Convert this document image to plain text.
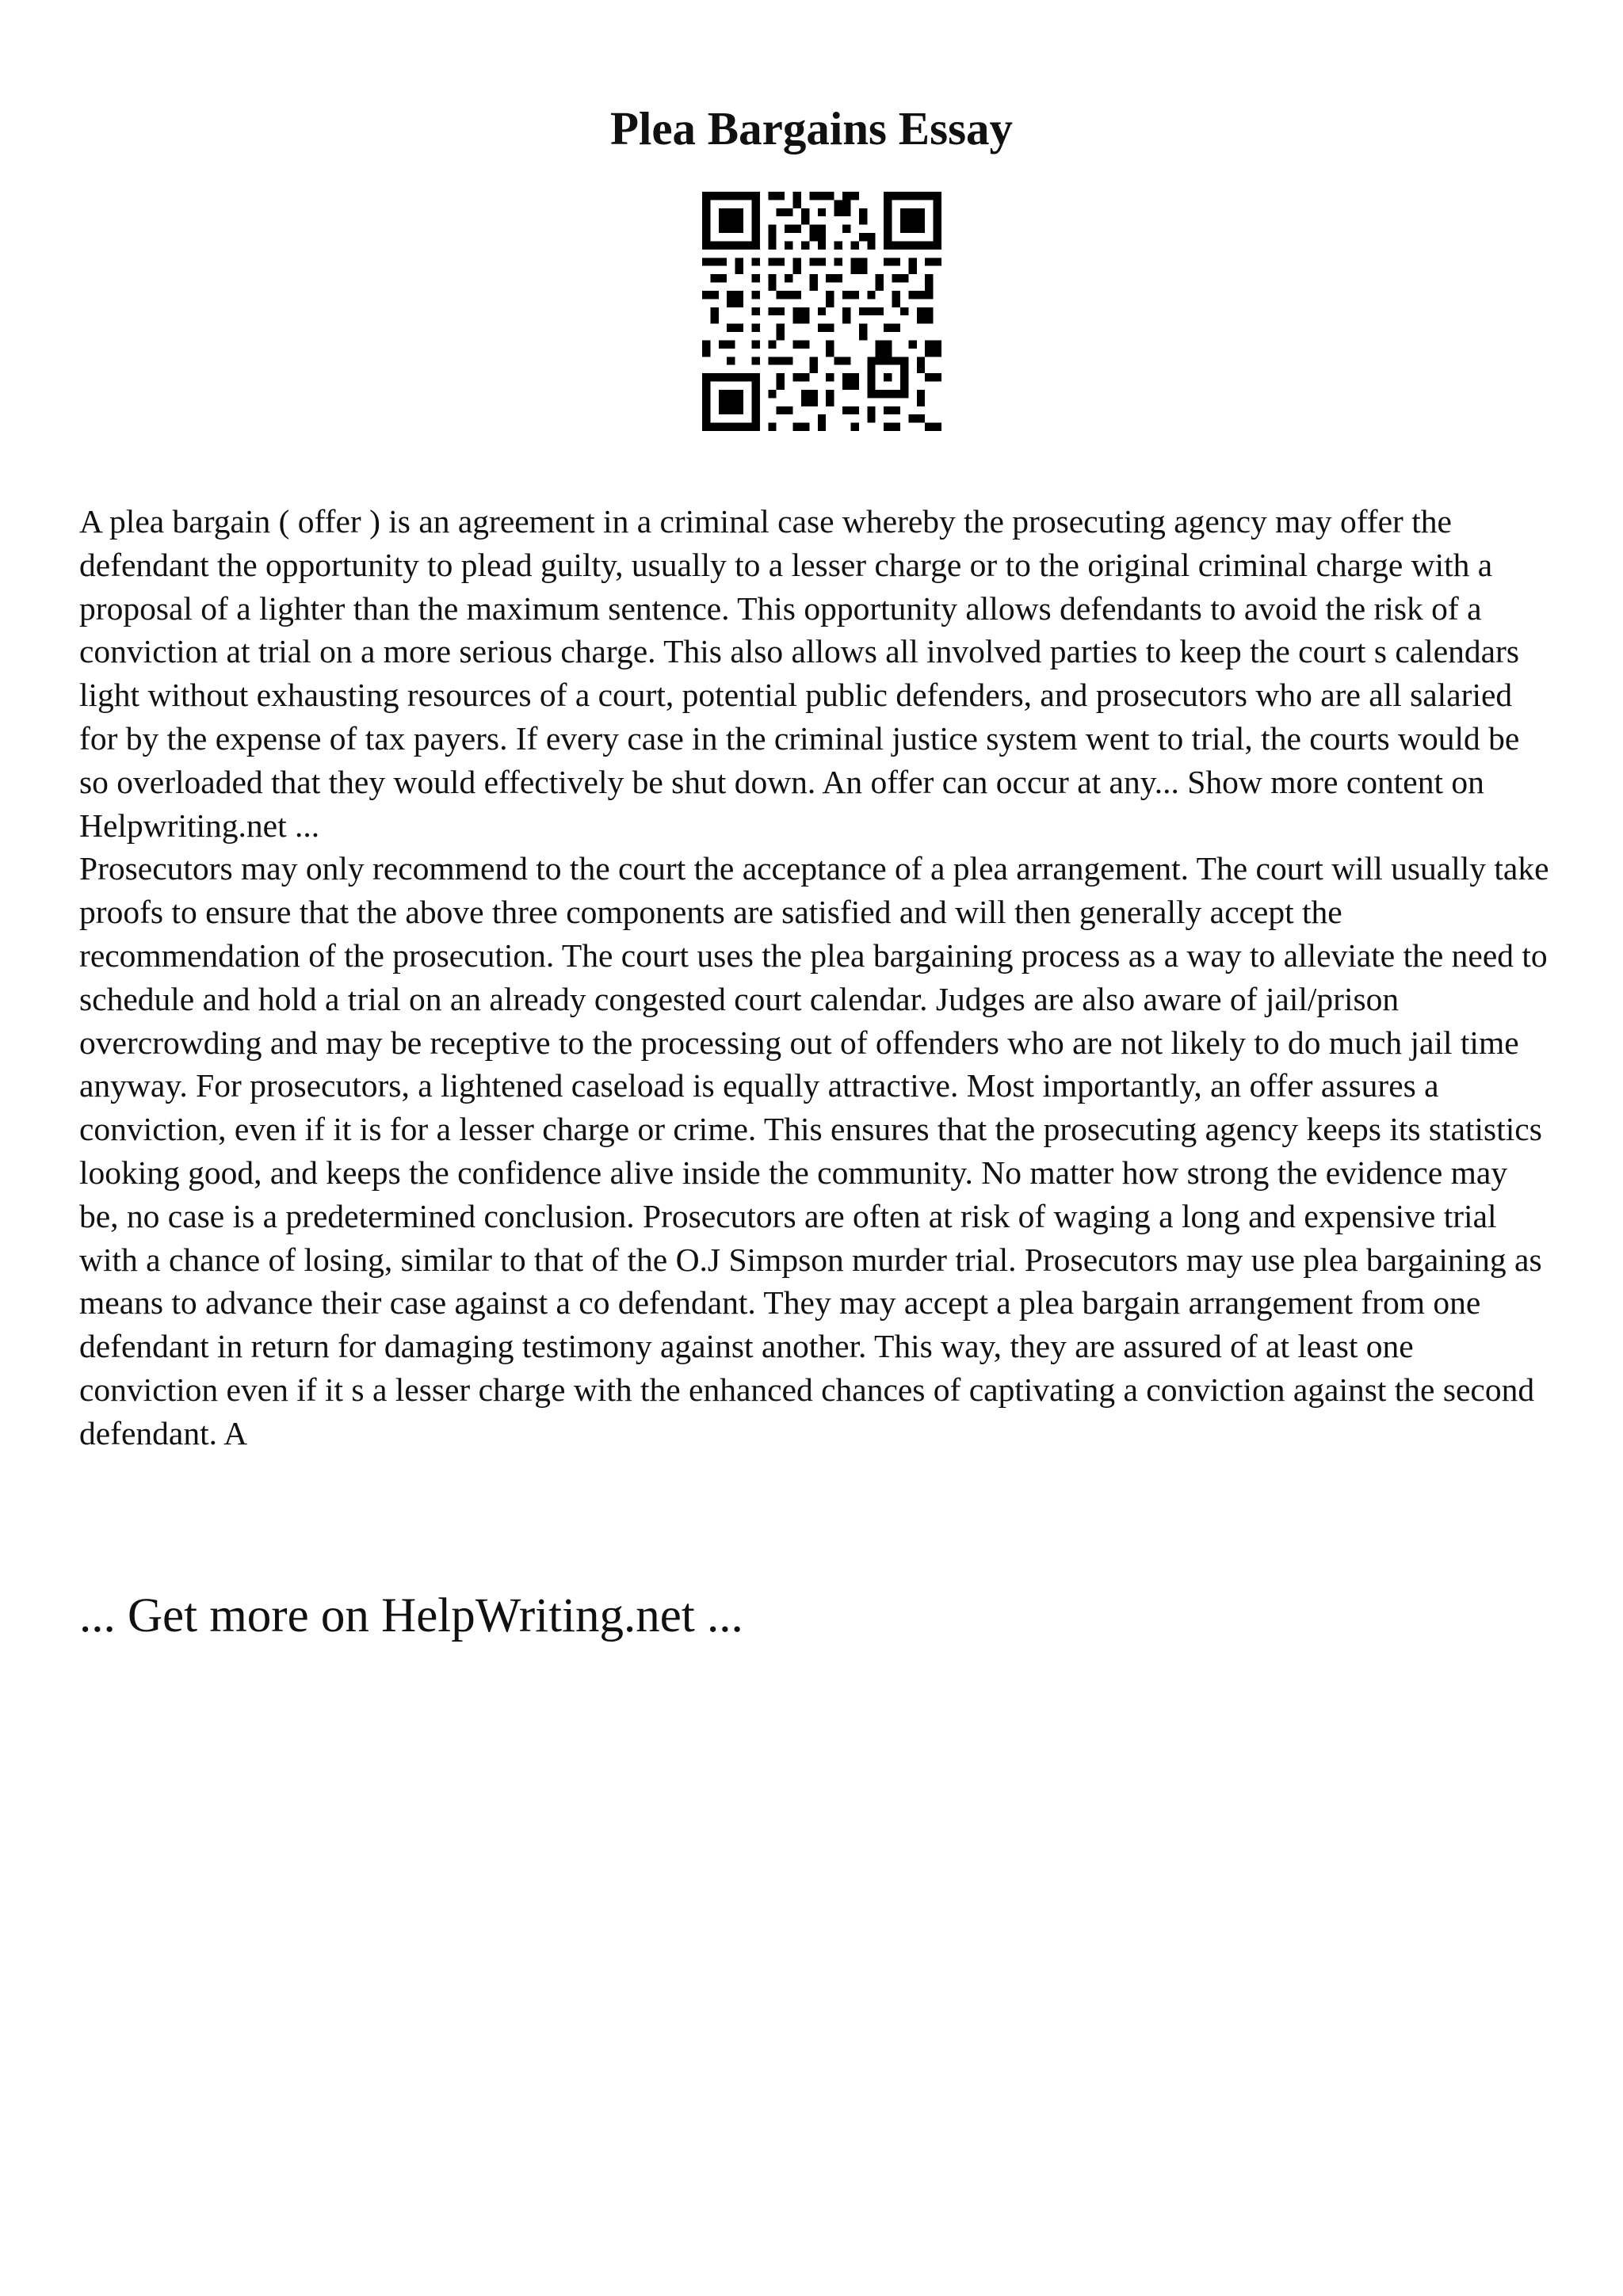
Plea Bargains Essay

A plea bargain ( offer ) is an agreement in a criminal case whereby the prosecuting agency may offer the defendant the opportunity to plead guilty, usually to a lesser charge or to the original criminal charge with a proposal of a lighter than the maximum sentence. This opportunity allows defendants to avoid the risk of a conviction at trial on a more serious charge. This also allows all involved parties to keep the court s calendars light without exhausting resources of a court, potential public defenders, and prosecutors who are all salaried for by the expense of tax payers. If every case in the criminal justice system went to trial, the courts would be so overloaded that they would effectively be shut down. An offer can occur at any... Show more content on Helpwriting.net ...

Prosecutors may only recommend to the court the acceptance of a plea arrangement. The court will usually take proofs to ensure that the above three components are satisfied and will then generally accept the recommendation of the prosecution. The court uses the plea bargaining process as a way to alleviate the need to schedule and hold a trial on an already congested court calendar. Judges are also aware of jail/prison overcrowding and may be receptive to the processing out of offenders who are not likely to do much jail time anyway. For prosecutors, a lightened caseload is equally attractive. Most importantly, an offer assures a conviction, even if it is for a lesser charge or crime. This ensures that the prosecuting agency keeps its statistics looking good, and keeps the confidence alive inside the community. No matter how strong the evidence may be, no case is a predetermined conclusion. Prosecutors are often at risk of waging a long and expensive trial with a chance of losing, similar to that of the O.J Simpson murder trial. Prosecutors may use plea bargaining as means to advance their case against a co defendant. They may accept a plea bargain arrangement from one defendant in return for damaging testimony against another. This way, they are assured of at least one conviction even if it s a lesser charge with the enhanced chances of captivating a conviction against the second defendant. A

... Get more on HelpWriting.net ...
